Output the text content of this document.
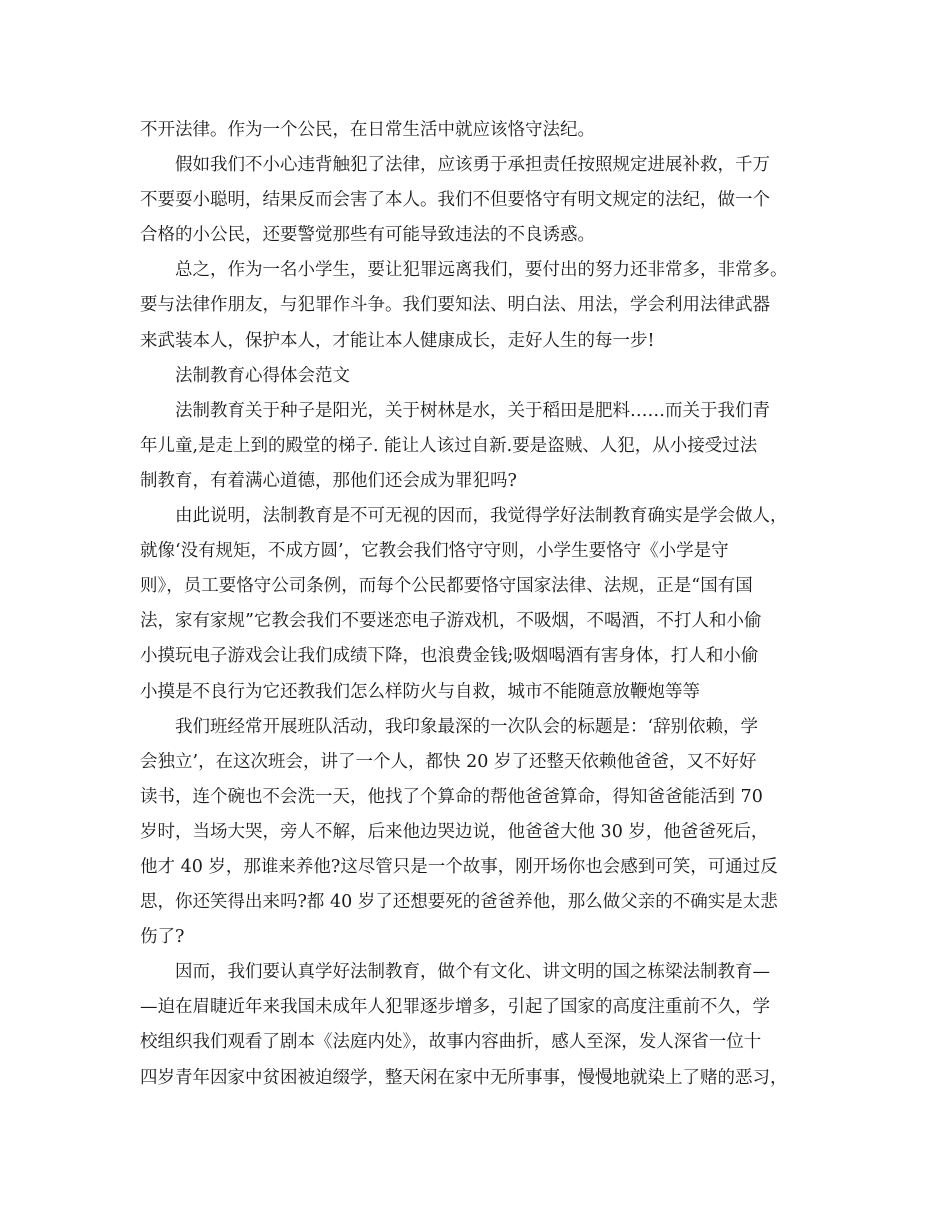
不开法律。作为一个公民，在日常生活中就应该恪守法纪。
假如我们不小心违背触犯了法律，应该勇于承担责任按照规定进展补救，千万
不要耍小聪明，结果反而会害了本人。我们不但要恪守有明文规定的法纪，做一个
合格的小公民，还要警觉那些有可能导致违法的不良诱惑。
总之，作为一名小学生，要让犯罪远离我们，要付出的努力还非常多，非常多。
要与法律作朋友，与犯罪作斗争。我们要知法、明白法、用法，学会利用法律武器
来武装本人，保护本人，才能让本人健康成长，走好人生的每一步!
法制教育心得体会范文
法制教育关于种子是阳光，关于树林是水，关于稻田是肥料……而关于我们青
年儿童,是走上到的殿堂的梯子. 能让人该过自新.要是盗贼、人犯，从小接受过法
制教育，有着满心道德，那他们还会成为罪犯吗?
由此说明，法制教育是不可无视的因而，我觉得学好法制教育确实是学会做人，
就像‘没有规矩，不成方圆’，它教会我们恪守守则，小学生要恪守《小学是守
则》，员工要恪守公司条例，而每个公民都要恪守国家法律、法规，正是“国有国
法，家有家规”它教会我们不要迷恋电子游戏机，不吸烟，不喝酒，不打人和小偷
小摸玩电子游戏会让我们成绩下降，也浪费金钱;吸烟喝酒有害身体，打人和小偷
小摸是不良行为它还教我们怎么样防火与自救，城市不能随意放鞭炮等等
我们班经常开展班队活动，我印象最深的一次队会的标题是：‘辞别依赖，学
会独立’，在这次班会，讲了一个人，都快 20 岁了还整天依赖他爸爸，又不好好
读书，连个碗也不会洗一天，他找了个算命的帮他爸爸算命，得知爸爸能活到 70
岁时，当场大哭，旁人不解，后来他边哭边说，他爸爸大他 30 岁，他爸爸死后，
他才 40 岁，那谁来养他?这尽管只是一个故事，刚开场你也会感到可笑，可通过反
思，你还笑得出来吗?都 40 岁了还想要死的爸爸养他，那么做父亲的不确实是太悲
伤了?
因而，我们要认真学好法制教育，做个有文化、讲文明的国之栋梁法制教育—
—迫在眉睫近年来我国未成年人犯罪逐步增多，引起了国家的高度注重前不久，学
校组织我们观看了剧本《法庭内处》，故事内容曲折，感人至深，发人深省一位十
四岁青年因家中贫困被迫缀学，整天闲在家中无所事事，慢慢地就染上了赌的恶习，
